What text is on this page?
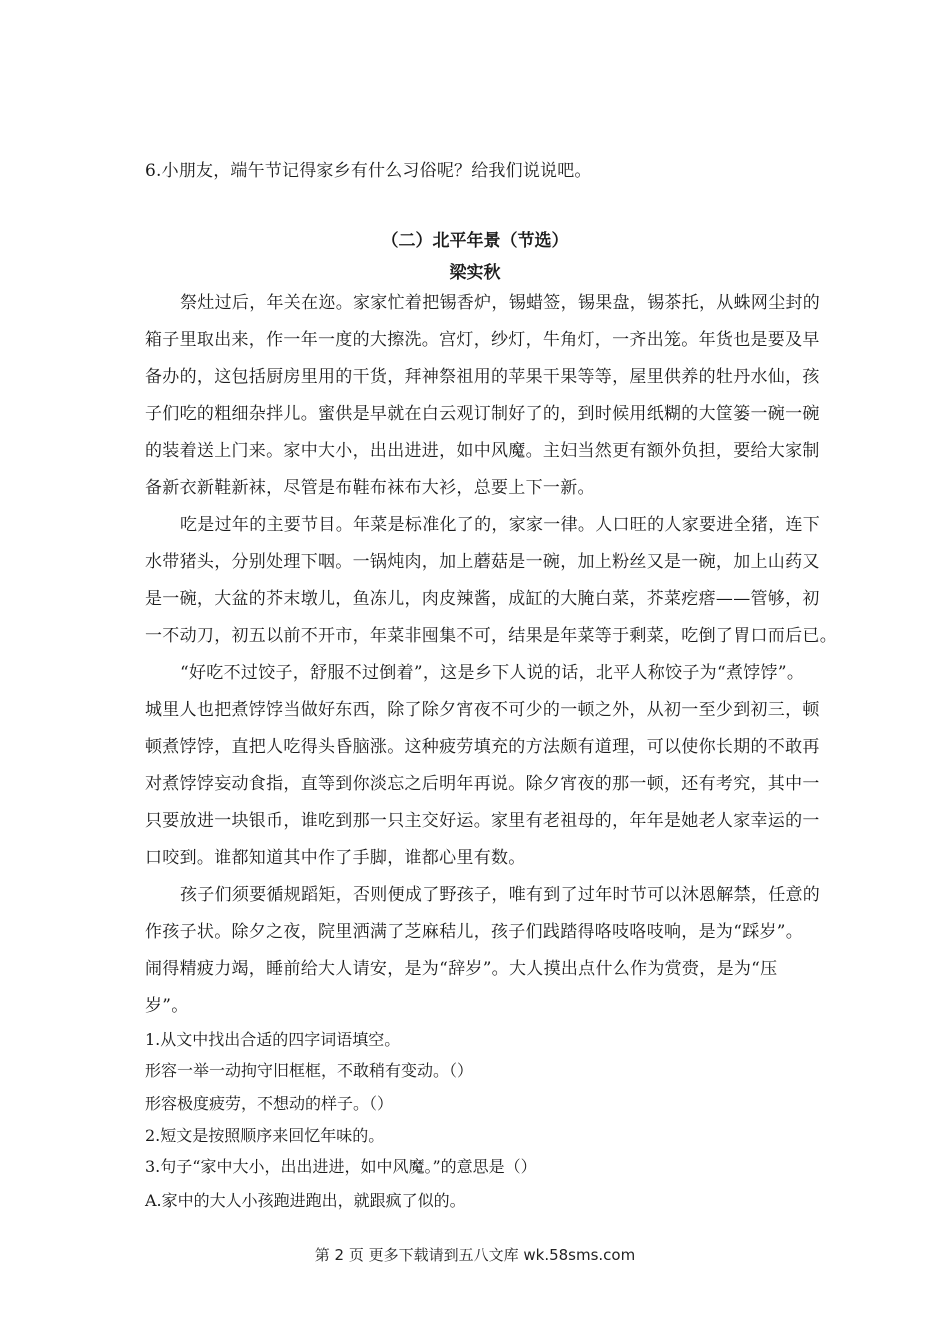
6.小朋友，端午节记得家乡有什么习俗呢？给我们说说吧。
（二）北平年景（节选）
梁实秋
祭灶过后，年关在迩。家家忙着把锡香炉，锡蜡签，锡果盘，锡茶托，从蛛网尘封的
箱子里取出来，作一年一度的大擦洗。宫灯，纱灯，牛角灯，一齐出笼。年货也是要及早
备办的，这包括厨房里用的干货，拜神祭祖用的苹果干果等等，屋里供养的牡丹水仙，孩
子们吃的粗细杂拌儿。蜜供是早就在白云观订制好了的，到时候用纸糊的大筐篓一碗一碗
的装着送上门来。家中大小，出出进进，如中风魔。主妇当然更有额外负担，要给大家制
备新衣新鞋新袜，尽管是布鞋布袜布大衫，总要上下一新。
吃是过年的主要节目。年菜是标准化了的，家家一律。人口旺的人家要进全猪，连下
水带猪头，分别处理下咽。一锅炖肉，加上蘑菇是一碗，加上粉丝又是一碗，加上山药又
是一碗，大盆的芥末墩儿，鱼冻儿，肉皮辣酱，成缸的大腌白菜，芥菜疙瘩——管够，初
一不动刀，初五以前不开市，年菜非囤集不可，结果是年菜等于剩菜，吃倒了胃口而后已。
“好吃不过饺子，舒服不过倒着”，这是乡下人说的话，北平人称饺子为“煮饽饽”。
城里人也把煮饽饽当做好东西，除了除夕宵夜不可少的一顿之外，从初一至少到初三，顿
顿煮饽饽，直把人吃得头昏脑涨。这种疲劳填充的方法颇有道理，可以使你长期的不敢再
对煮饽饽妄动食指，直等到你淡忘之后明年再说。除夕宵夜的那一顿，还有考究，其中一
只要放进一块银币，谁吃到那一只主交好运。家里有老祖母的，年年是她老人家幸运的一
口咬到。谁都知道其中作了手脚，谁都心里有数。
孩子们须要循规蹈矩，否则便成了野孩子，唯有到了过年时节可以沐恩解禁，任意的
作孩子状。除夕之夜，院里洒满了芝麻秸儿，孩子们践踏得咯吱咯吱响，是为“踩岁”。
闹得精疲力竭，睡前给大人请安，是为“辞岁”。大人摸出点什么作为赏赍，是为“压
岁”。
1.从文中找出合适的四字词语填空。
形容一举一动拘守旧框框，不敢稍有变动。（）
形容极度疲劳，不想动的样子。（）
2.短文是按照顺序来回忆年味的。
3.句子“家中大小，出出进进，如中风魔。”的意思是（）
A.家中的大人小孩跑进跑出，就跟疯了似的。
第 2 页 更多下载请到五八文库 wk.58sms.com
